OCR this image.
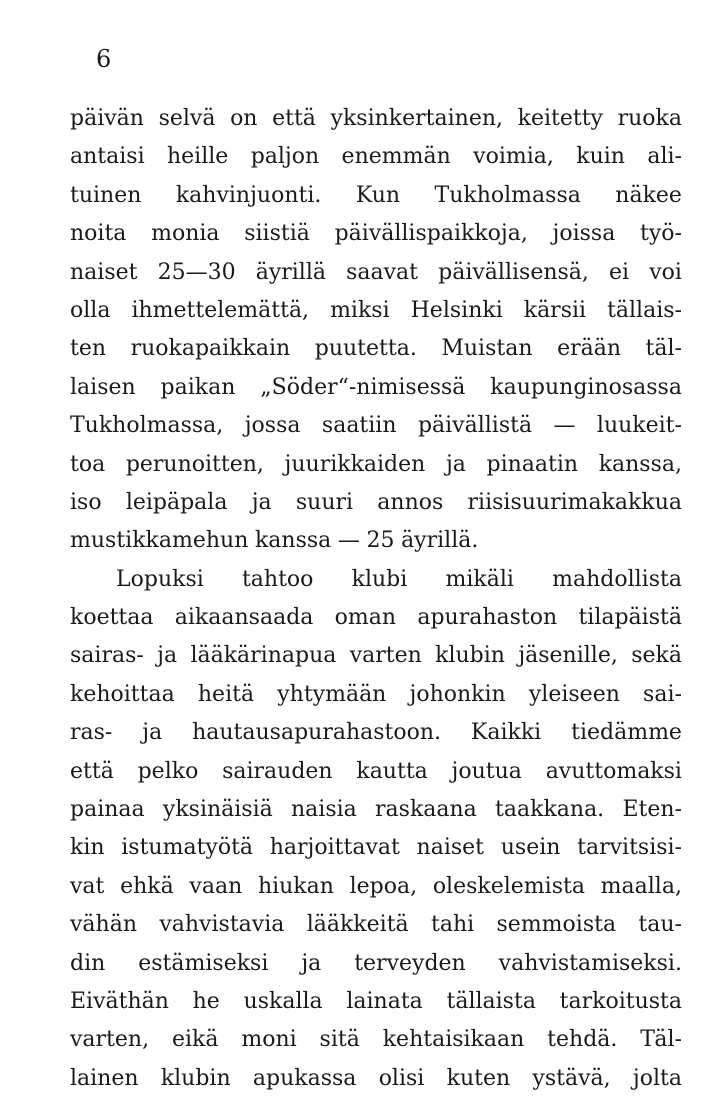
6
päivän selvä on että yksinkertainen, keitetty ruoka
antaisi heille paljon enemmän voimia, kuin ali-
tuinen kahvinjuonti. Kun Tukholmassa näkee
noita monia siistiä päivällispaikkoja, joissa työ-
naiset 25—30 äyrillä saavat päivällisensä, ei voi
olla ihmettelemättä, miksi Helsinki kärsii tällais-
ten ruokapaikkain puutetta. Muistan erään täl-
laisen paikan „Söder“-nimisessä kaupunginosassa
Tukholmassa, jossa saatiin päivällistä — luukeit-
toa perunoitten, juurikkaiden ja pinaatin kanssa,
iso leipäpala ja suuri annos riisisuurimakakkua
mustikkamehun kanssa — 25 äyrillä.
Lopuksi tahtoo klubi mikäli mahdollista
koettaa aikaansaada oman apurahaston tilapäistä
sairas- ja lääkärinapua varten klubin jäsenille, sekä
kehoittaa heitä yhtymään johonkin yleiseen sai-
ras- ja hautausapurahastoon. Kaikki tiedämme
että pelko sairauden kautta joutua avuttomaksi
painaa yksinäisiä naisia raskaana taakkana. Eten-
kin istumatyötä harjoittavat naiset usein tarvitsisi-
vat ehkä vaan hiukan lepoa, oleskelemista maalla,
vähän vahvistavia lääkkeitä tahi semmoista tau-
din estämiseksi ja terveyden vahvistamiseksi.
Eiväthän he uskalla lainata tällaista tarkoitusta
varten, eikä moni sitä kehtaisikaan tehdä. Täl-
lainen klubin apukassa olisi kuten ystävä, jolta
